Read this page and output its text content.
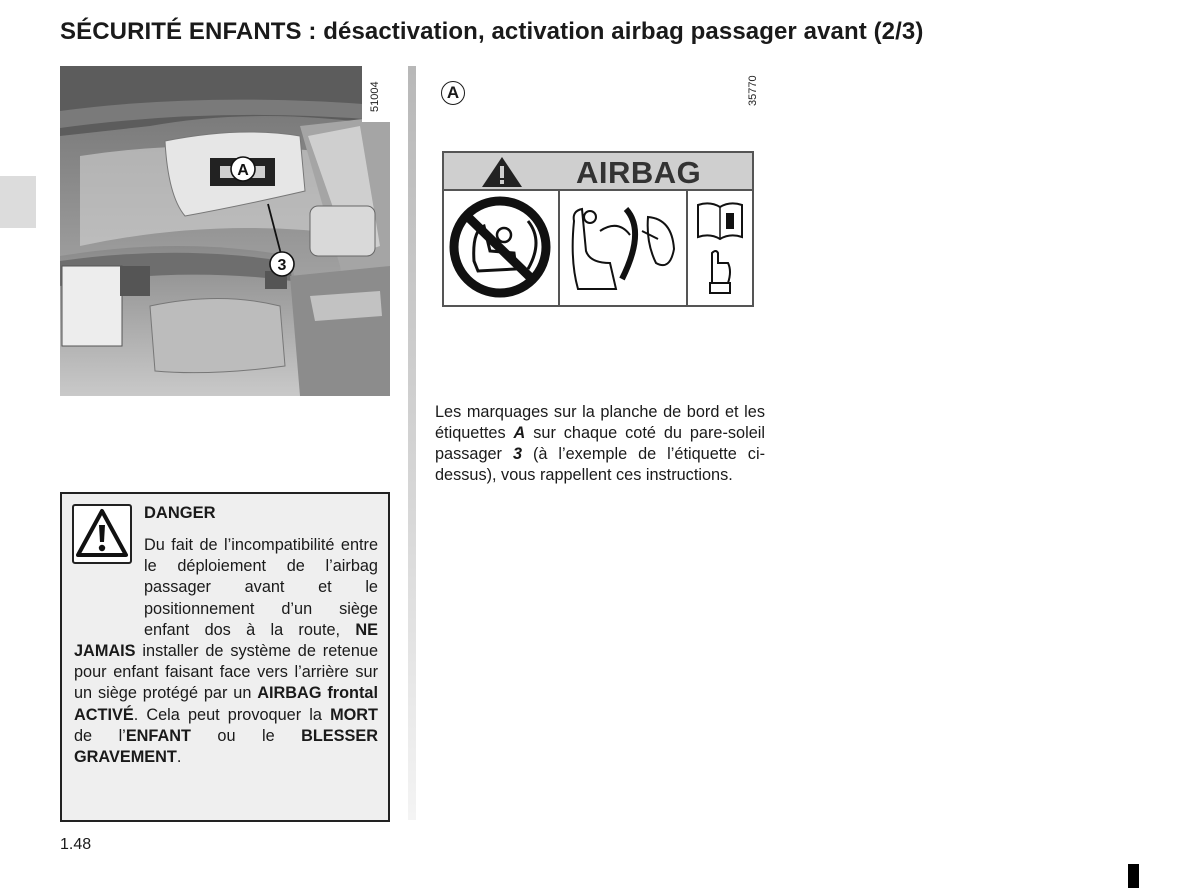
SÉCURITÉ ENFANTS : désactivation, activation airbag passager avant (2/3)
A
3
51004	A	35770
AIRBAG
Les marquages sur la planche de bord et les étiquettes A sur chaque coté du pare-soleil passager 3 (à l’exemple de l’étiquette ci-dessus), vous rappellent ces instructions.
DANGER
Du fait de l’incompatibilité entre le déploiement de l’airbag passager avant et le positionnement d’un siège enfant dos à la route, NE JAMAIS installer de système de retenue pour enfant faisant face vers l’arrière sur un siège protégé par un AIRBAG frontal ACTIVÉ. Cela peut provoquer la MORT de l’ENFANT ou le BLESSER GRAVEMENT.
1.48
